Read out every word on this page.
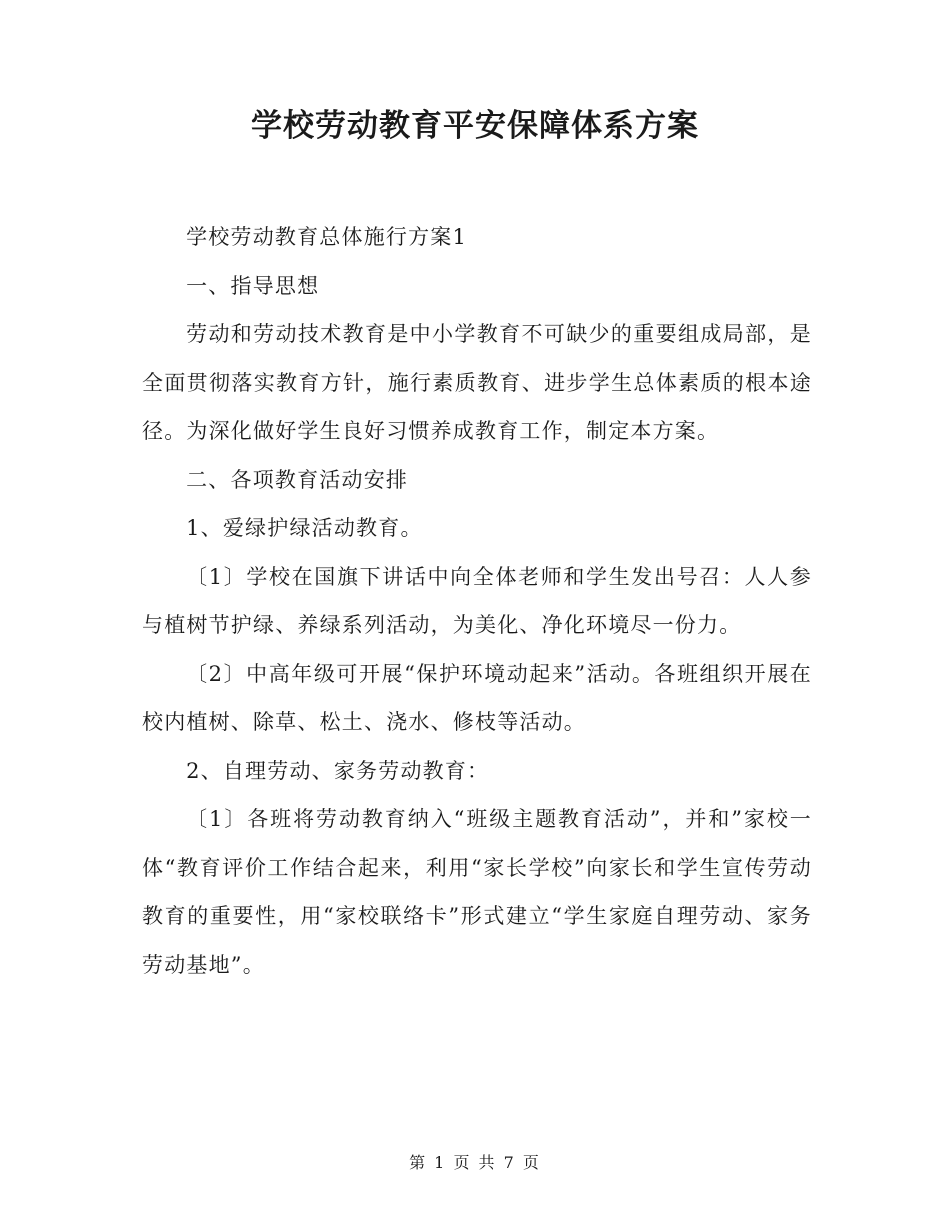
学校劳动教育平安保障体系方案

学校劳动教育总体施行方案1

一、指导思想

劳动和劳动技术教育是中小学教育不可缺少的重要组成局部，是全面贯彻落实教育方针，施行素质教育、进步学生总体素质的根本途径。为深化做好学生良好习惯养成教育工作，制定本方案。

二、各项教育活动安排

1、爱绿护绿活动教育。

〔1〕学校在国旗下讲话中向全体老师和学生发出号召：人人参与植树节护绿、养绿系列活动，为美化、净化环境尽一份力。

〔2〕中高年级可开展“保护环境动起来”活动。各班组织开展在校内植树、除草、松土、浇水、修枝等活动。

2、自理劳动、家务劳动教育：

〔1〕各班将劳动教育纳入“班级主题教育活动”，并和”家校一体“教育评价工作结合起来，利用“家长学校”向家长和学生宣传劳动教育的重要性，用“家校联络卡”形式建立“学生家庭自理劳动、家务劳动基地”。

第 1 页 共 7 页
